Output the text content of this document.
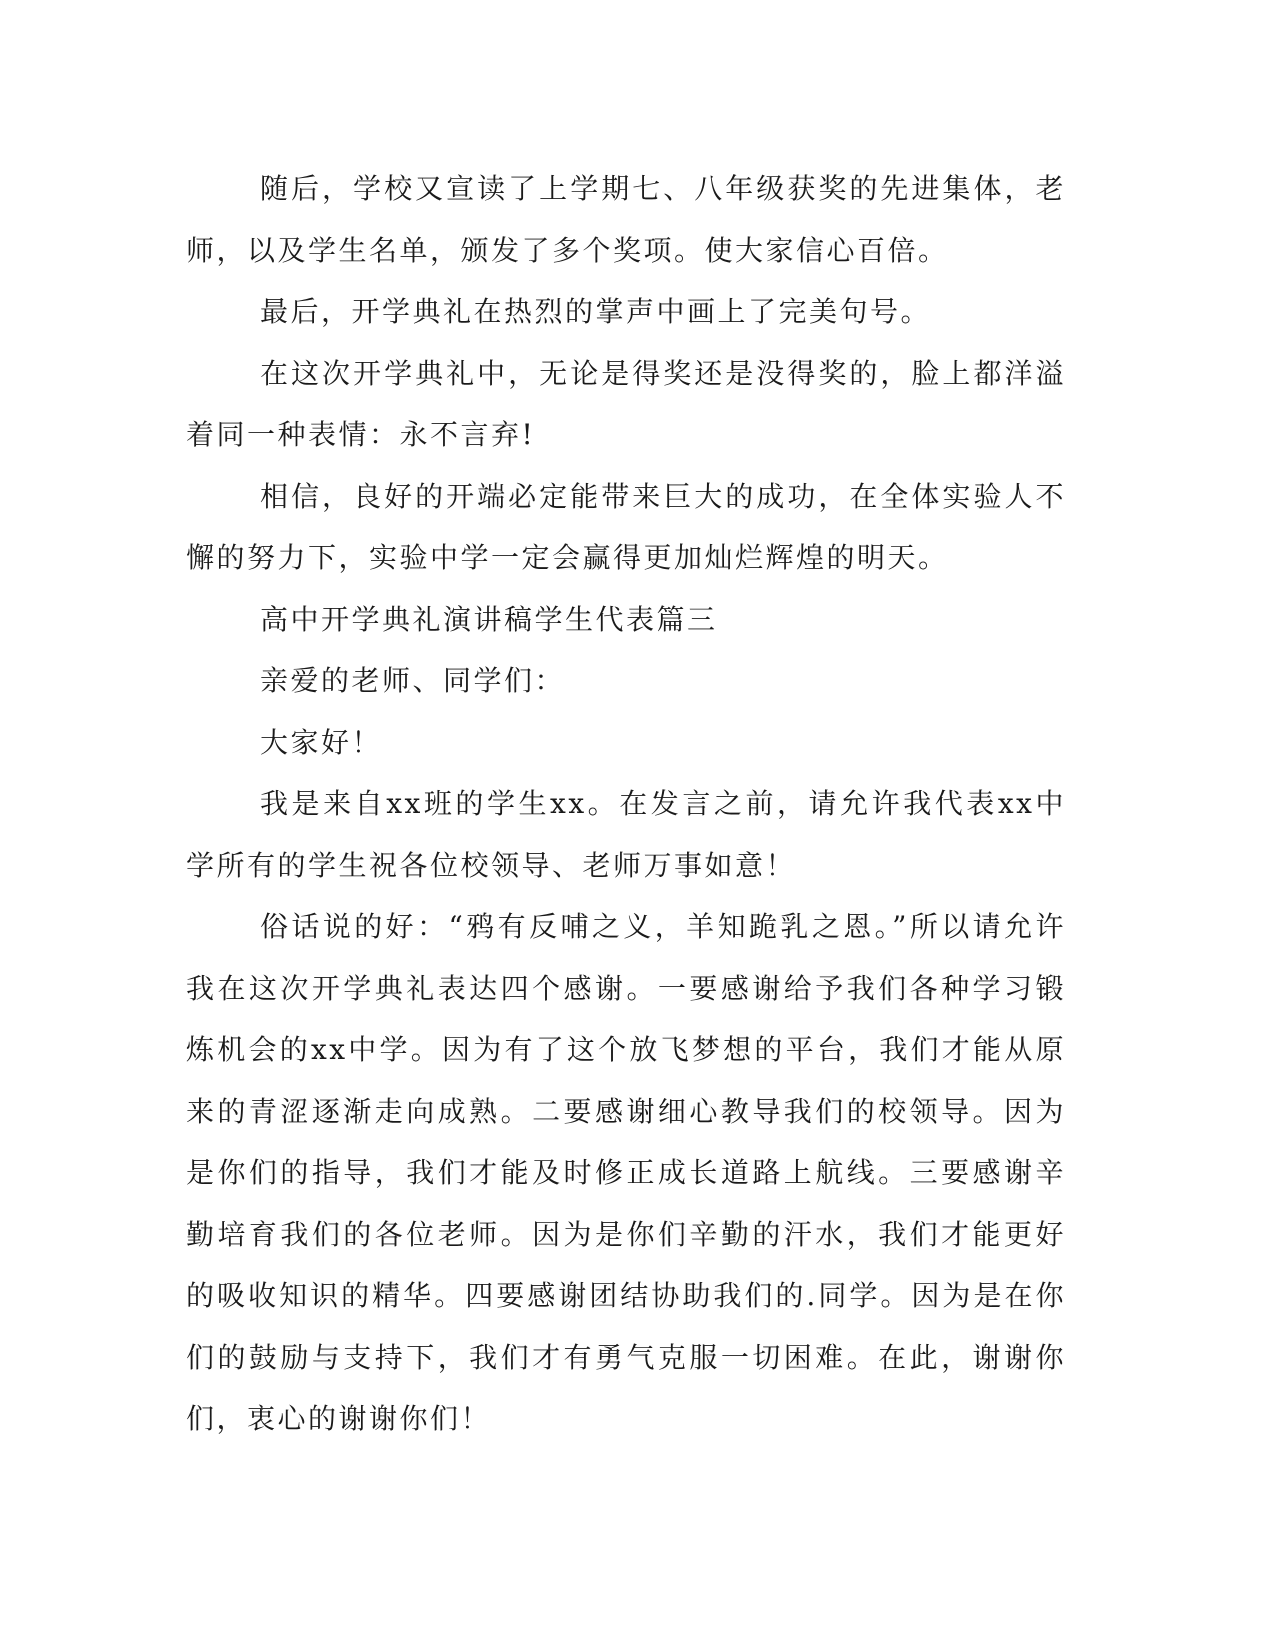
随后，学校又宣读了上学期七、八年级获奖的先进集体，老师，以及学生名单，颁发了多个奖项。使大家信心百倍。

最后，开学典礼在热烈的掌声中画上了完美句号。

在这次开学典礼中，无论是得奖还是没得奖的，脸上都洋溢着同一种表情：永不言弃!

相信，良好的开端必定能带来巨大的成功，在全体实验人不懈的努力下，实验中学一定会赢得更加灿烂辉煌的明天。

高中开学典礼演讲稿学生代表篇三

亲爱的老师、同学们：

大家好！

我是来自xx班的学生xx。在发言之前，请允许我代表xx中学所有的学生祝各位校领导、老师万事如意！

俗话说的好：“鸦有反哺之义，羊知跪乳之恩。”所以请允许我在这次开学典礼表达四个感谢。一要感谢给予我们各种学习锻炼机会的xx中学。因为有了这个放飞梦想的平台，我们才能从原来的青涩逐渐走向成熟。二要感谢细心教导我们的校领导。因为是你们的指导，我们才能及时修正成长道路上航线。三要感谢辛勤培育我们的各位老师。因为是你们辛勤的汗水，我们才能更好的吸收知识的精华。四要感谢团结协助我们的.同学。因为是在你们的鼓励与支持下，我们才有勇气克服一切困难。在此，谢谢你们，衷心的谢谢你们！
